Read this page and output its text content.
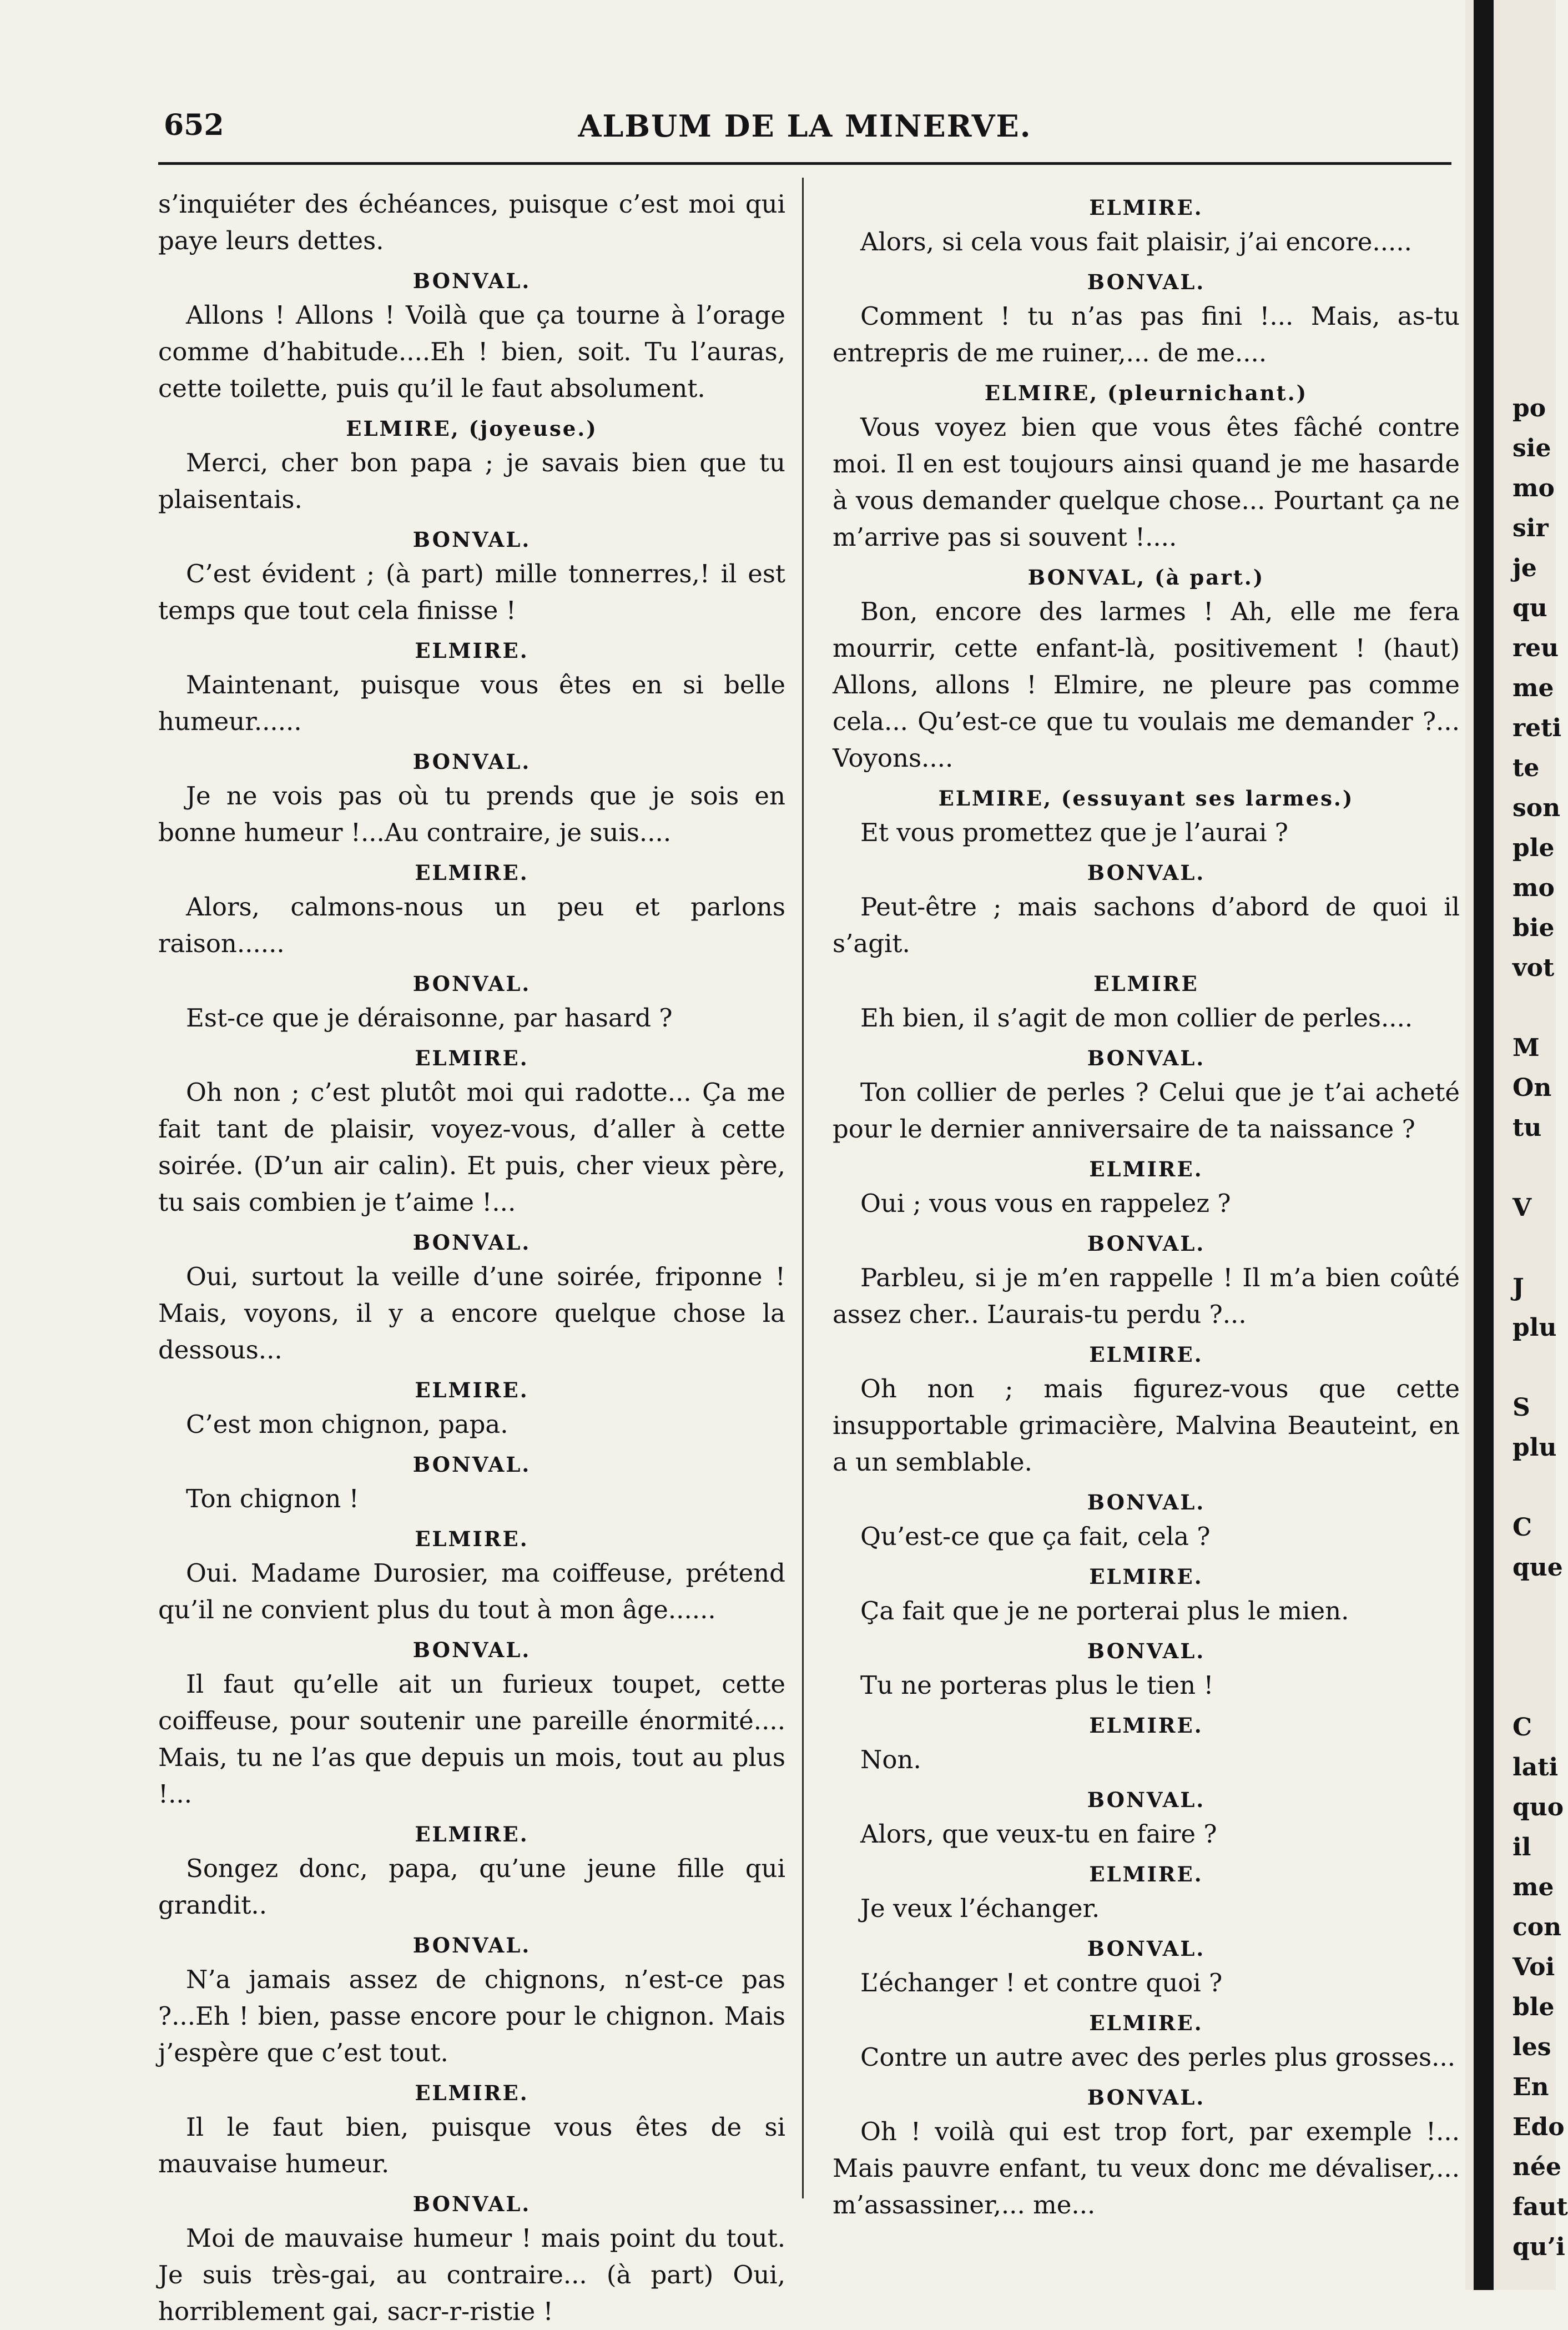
652	ALBUM DE LA MINERVE.
s’inquiéter des échéances, puisque c’est moi qui paye leurs dettes.
BONVAL.
Allons ! Allons ! Voilà que ça tourne à l’orage comme d’habitude....Eh ! bien, soit. Tu l’auras, cette toilette, puis qu’il le faut absolument.
ELMIRE, (joyeuse.)
Merci, cher bon papa ; je savais bien que tu plaisentais.
BONVAL.
C’est évident ; (à part) mille tonnerres,! il est temps que tout cela finisse !
ELMIRE.
Maintenant, puisque vous êtes en si belle humeur......
BONVAL.
Je ne vois pas où tu prends que je sois en bonne humeur !...Au contraire, je suis....
ELMIRE.
Alors, calmons-nous un peu et parlons raison......
BONVAL.
Est-ce que je déraisonne, par hasard ?
ELMIRE.
Oh non ; c’est plutôt moi qui radotte... Ça me fait tant de plaisir, voyez-vous, d’aller à cette soirée. (D’un air calin). Et puis, cher vieux père, tu sais combien je t’aime !...
BONVAL.
Oui, surtout la veille d’une soirée, friponne ! Mais, voyons, il y a encore quelque chose la dessous...
ELMIRE.
C’est mon chignon, papa.
BONVAL.
Ton chignon !
ELMIRE.
Oui. Madame Durosier, ma coiffeuse, prétend qu’il ne convient plus du tout à mon âge......
BONVAL.
Il faut qu’elle ait un furieux toupet, cette coiffeuse, pour soutenir une pareille énormité.... Mais, tu ne l’as que depuis un mois, tout au plus !...
ELMIRE.
Songez donc, papa, qu’une jeune fille qui grandit..
BONVAL.
N’a jamais assez de chignons, n’est-ce pas ?...Eh ! bien, passe encore pour le chignon. Mais j’espère que c’est tout.
ELMIRE.
Il le faut bien, puisque vous êtes de si mauvaise humeur.
BONVAL.
Moi de mauvaise humeur ! mais point du tout. Je suis très-gai, au contraire... (à part) Oui, horriblement gai, sacr-r-ristie !
ELMIRE.
Alors, si cela vous fait plaisir, j’ai encore.....
BONVAL.
Comment ! tu n’as pas fini !... Mais, as-tu entrepris de me ruiner,... de me....
ELMIRE, (pleurnichant.)
Vous voyez bien que vous êtes fâché contre moi. Il en est toujours ainsi quand je me hasarde à vous demander quelque chose... Pourtant ça ne m’arrive pas si souvent !....
BONVAL, (à part.)
Bon, encore des larmes ! Ah, elle me fera mourrir, cette enfant-là, positivement ! (haut) Allons, allons ! Elmire, ne pleure pas comme cela... Qu’est-ce que tu voulais me demander ?... Voyons....
ELMIRE, (essuyant ses larmes.)
Et vous promettez que je l’aurai ?
BONVAL.
Peut-être ; mais sachons d’abord de quoi il s’agit.
ELMIRE
Eh bien, il s’agit de mon collier de perles....
BONVAL.
Ton collier de perles ? Celui que je t’ai acheté pour le dernier anniversaire de ta naissance ?
ELMIRE.
Oui ; vous vous en rappelez ?
BONVAL.
Parbleu, si je m’en rappelle ! Il m’a bien coûté assez cher.. L’aurais-tu perdu ?...
ELMIRE.
Oh non ; mais figurez-vous que cette insupportable grimacière, Malvina Beauteint, en a un semblable.
BONVAL.
Qu’est-ce que ça fait, cela ?
ELMIRE.
Ça fait que je ne porterai plus le mien.
BONVAL.
Tu ne porteras plus le tien !
ELMIRE.
Non.
BONVAL.
Alors, que veux-tu en faire ?
ELMIRE.
Je veux l’échanger.
BONVAL.
L’échanger ! et contre quoi ?
ELMIRE.
Contre un autre avec des perles plus grosses...
BONVAL.
Oh ! voilà qui est trop fort, par exemple !... Mais pauvre enfant, tu veux donc me dévaliser,... m’assassiner,... me...
po
sie
mo
sir
je
qu
reu
me
reti
te
son
ple
mo
bie
vot
M
On
tu
V
J
plu
S
plu
C
que
C
lati
quo
il
me
con
Voi
ble
les
En
Edo
née
faut
qu’i
